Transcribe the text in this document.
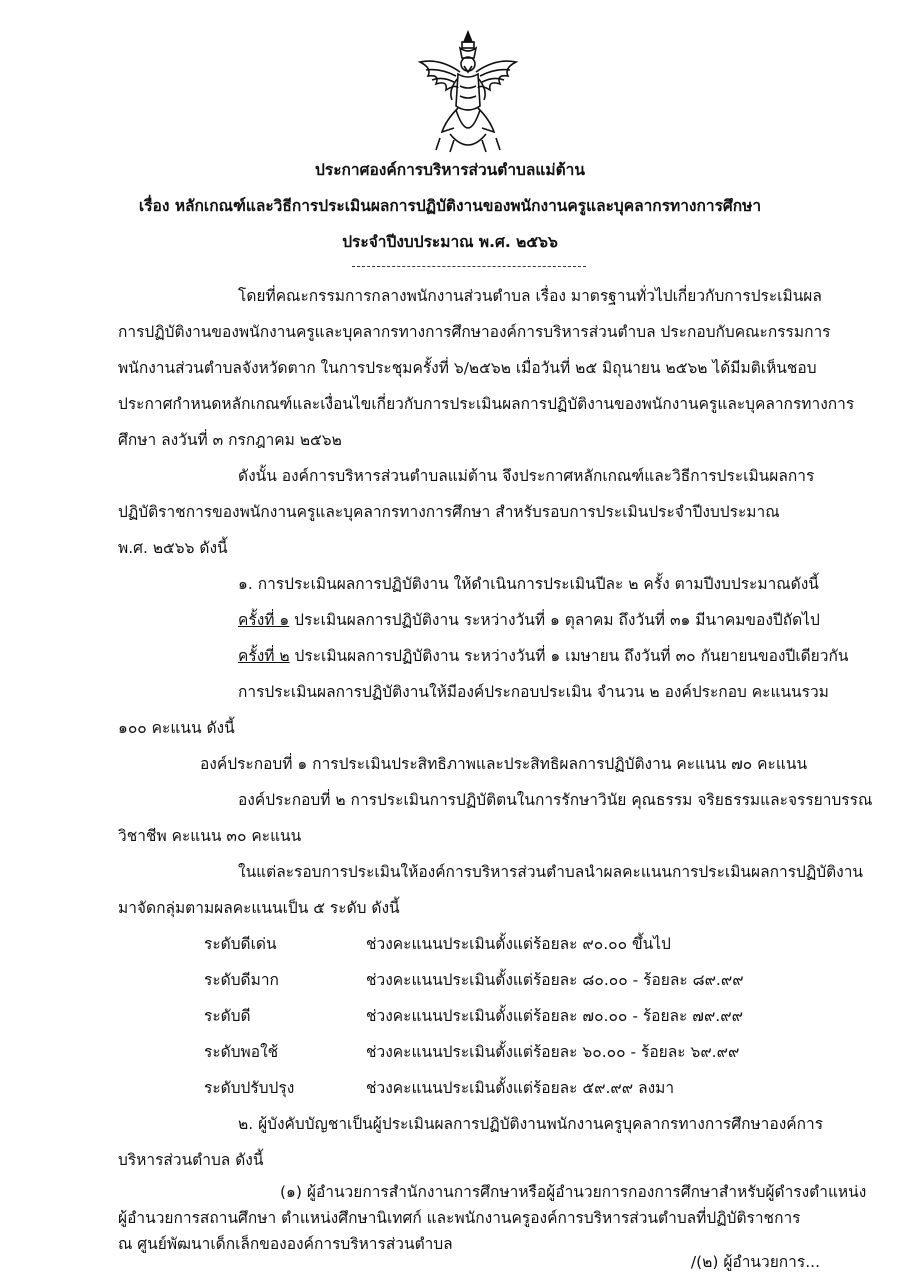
ประกาศองค์การบริหารส่วนตำบลแม่ต้าน
เรื่อง หลักเกณฑ์และวิธีการประเมินผลการปฏิบัติงานของพนักงานครูและบุคลากรทางการศึกษา
ประจำปีงบประมาณ พ.ศ. ๒๕๖๖
โดยที่คณะกรรมการกลางพนักงานส่วนตำบล เรื่อง มาตรฐานทั่วไปเกี่ยวกับการประเมินผล
การปฏิบัติงานของพนักงานครูและบุคลากรทางการศึกษาองค์การบริหารส่วนตำบล ประกอบกับคณะกรรมการ
พนักงานส่วนตำบลจังหวัดตาก ในการประชุมครั้งที่ ๖/๒๕๖๒ เมื่อวันที่ ๒๕ มิถุนายน ๒๕๖๒ ได้มีมติเห็นชอบ
ประกาศกำหนดหลักเกณฑ์และเงื่อนไขเกี่ยวกับการประเมินผลการปฏิบัติงานของพนักงานครูและบุคลากรทางการ
ศึกษา ลงวันที่ ๓ กรกฎาคม ๒๕๖๒
ดังนั้น องค์การบริหารส่วนตำบลแม่ต้าน จึงประกาศหลักเกณฑ์และวิธีการประเมินผลการ
ปฏิบัติราชการของพนักงานครูและบุคลากรทางการศึกษา สำหรับรอบการประเมินประจำปีงบประมาณ
พ.ศ. ๒๕๖๖ ดังนี้
๑. การประเมินผลการปฏิบัติงาน ให้ดำเนินการประเมินปีละ ๒ ครั้ง ตามปีงบประมาณดังนี้
ครั้งที่ ๑ ประเมินผลการปฏิบัติงาน ระหว่างวันที่ ๑ ตุลาคม ถึงวันที่ ๓๑ มีนาคมของปีถัดไป
ครั้งที่ ๒ ประเมินผลการปฏิบัติงาน ระหว่างวันที่ ๑ เมษายน ถึงวันที่ ๓๐ กันยายนของปีเดียวกัน
การประเมินผลการปฏิบัติงานให้มีองค์ประกอบประเมิน จำนวน ๒ องค์ประกอบ คะแนนรวม
๑๐๐ คะแนน ดังนี้
องค์ประกอบที่ ๑ การประเมินประสิทธิภาพและประสิทธิผลการปฏิบัติงาน คะแนน ๗๐ คะแนน
องค์ประกอบที่ ๒ การประเมินการปฏิบัติตนในการรักษาวินัย คุณธรรม จริยธรรมและจรรยาบรรณ
วิชาชีพ คะแนน ๓๐ คะแนน
ในแต่ละรอบการประเมินให้องค์การบริหารส่วนตำบลนำผลคะแนนการประเมินผลการปฏิบัติงาน
มาจัดกลุ่มตามผลคะแนนเป็น ๕ ระดับ ดังนี้
ระดับดีเด่น	ช่วงคะแนนประเมินตั้งแต่ร้อยละ ๙๐.๐๐ ขึ้นไป
ระดับดีมาก	ช่วงคะแนนประเมินตั้งแต่ร้อยละ ๘๐.๐๐ - ร้อยละ ๘๙.๙๙
ระดับดี	ช่วงคะแนนประเมินตั้งแต่ร้อยละ ๗๐.๐๐ - ร้อยละ ๗๙.๙๙
ระดับพอใช้	ช่วงคะแนนประเมินตั้งแต่ร้อยละ ๖๐.๐๐ - ร้อยละ ๖๙.๙๙
ระดับปรับปรุง	ช่วงคะแนนประเมินตั้งแต่ร้อยละ ๕๙.๙๙ ลงมา
๒. ผู้บังคับบัญชาเป็นผู้ประเมินผลการปฏิบัติงานพนักงานครูบุคลากรทางการศึกษาองค์การ
บริหารส่วนตำบล ดังนี้
(๑) ผู้อำนวยการสำนักงานการศึกษาหรือผู้อำนวยการกองการศึกษาสำหรับผู้ดำรงตำแหน่ง
ผู้อำนวยการสถานศึกษา ตำแหน่งศึกษานิเทศก์ และพนักงานครูองค์การบริหารส่วนตำบลที่ปฏิบัติราชการ
ณ ศูนย์พัฒนาเด็กเล็กขององค์การบริหารส่วนตำบล
/(๒) ผู้อำนวยการ...
